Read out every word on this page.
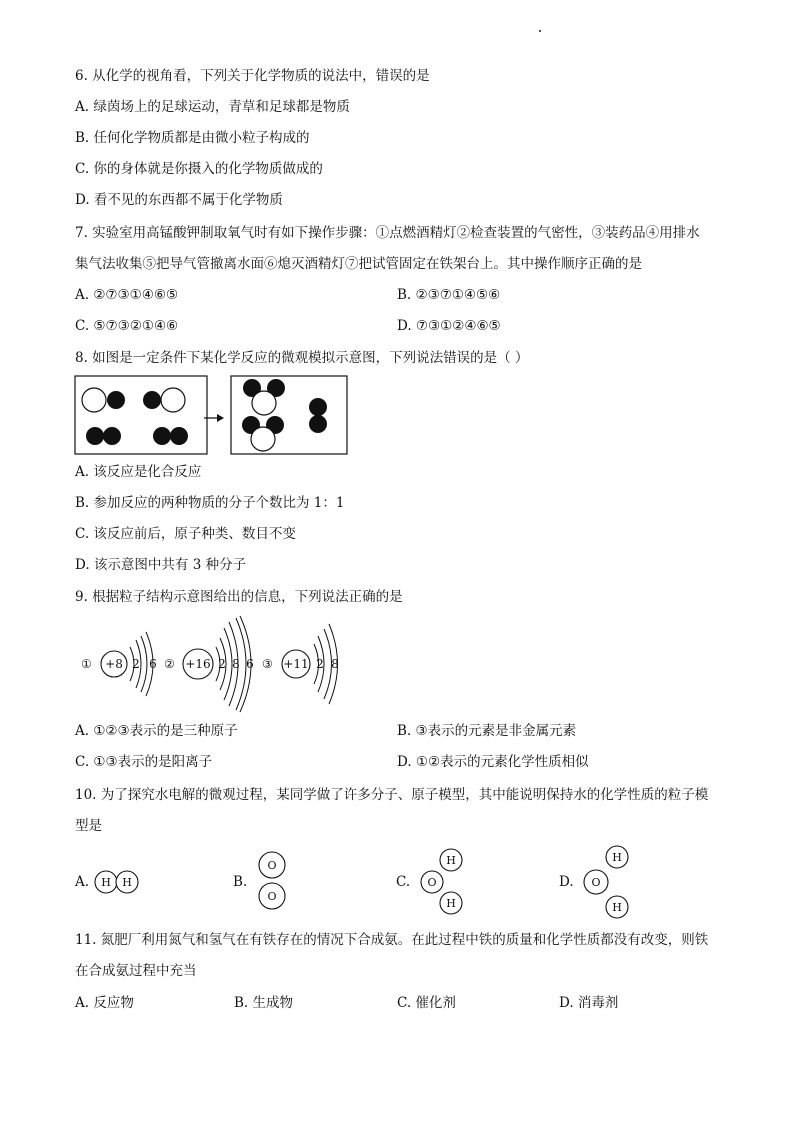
6. 从化学的视角看，下列关于化学物质的说法中，错误的是
A. 绿茵场上的足球运动，青草和足球都是物质
B. 任何化学物质都是由微小粒子构成的
C. 你的身体就是你摄入的化学物质做成的
D. 看不见的东西都不属于化学物质
7. 实验室用高锰酸钾制取氧气时有如下操作步骤：①点燃酒精灯②检查装置的气密性，③装药品④用排水
集气法收集⑤把导气管撤离水面⑥熄灭酒精灯⑦把试管固定在铁架台上。其中操作顺序正确的是
A. ②⑦③①④⑥⑤	B. ②③⑦①④⑤⑥
C. ⑤⑦③②①④⑥	D. ⑦③①②④⑥⑤
8. 如图是一定条件下某化学反应的微观模拟示意图，下列说法错误的是（ ）
A. 该反应是化合反应
B. 参加反应的两种物质的分子个数比为 1：1
C. 该反应前后，原子种类、数目不变
D. 该示意图中共有 3 种分子
9. 根据粒子结构示意图给出的信息，下列说法正确的是
① +8 2 6 ② +16 2 8 6 ③ +11 2 8
A. ①②③表示的是三种原子	B. ③表示的元素是非金属元素
C. ①③表示的是阳离子	D. ①②表示的元素化学性质相似
10. 为了探究水电解的微观过程，某同学做了许多分子、原子模型，其中能说明保持水的化学性质的粒子模
型是
A. H H	B.
O
O
C. O
H
H
D. O
H
H
11. 氮肥厂利用氮气和氢气在有铁存在的情况下合成氨。在此过程中铁的质量和化学性质都没有改变，则铁
在合成氨过程中充当
A. 反应物	B. 生成物	C. 催化剂	D. 消毒剂
